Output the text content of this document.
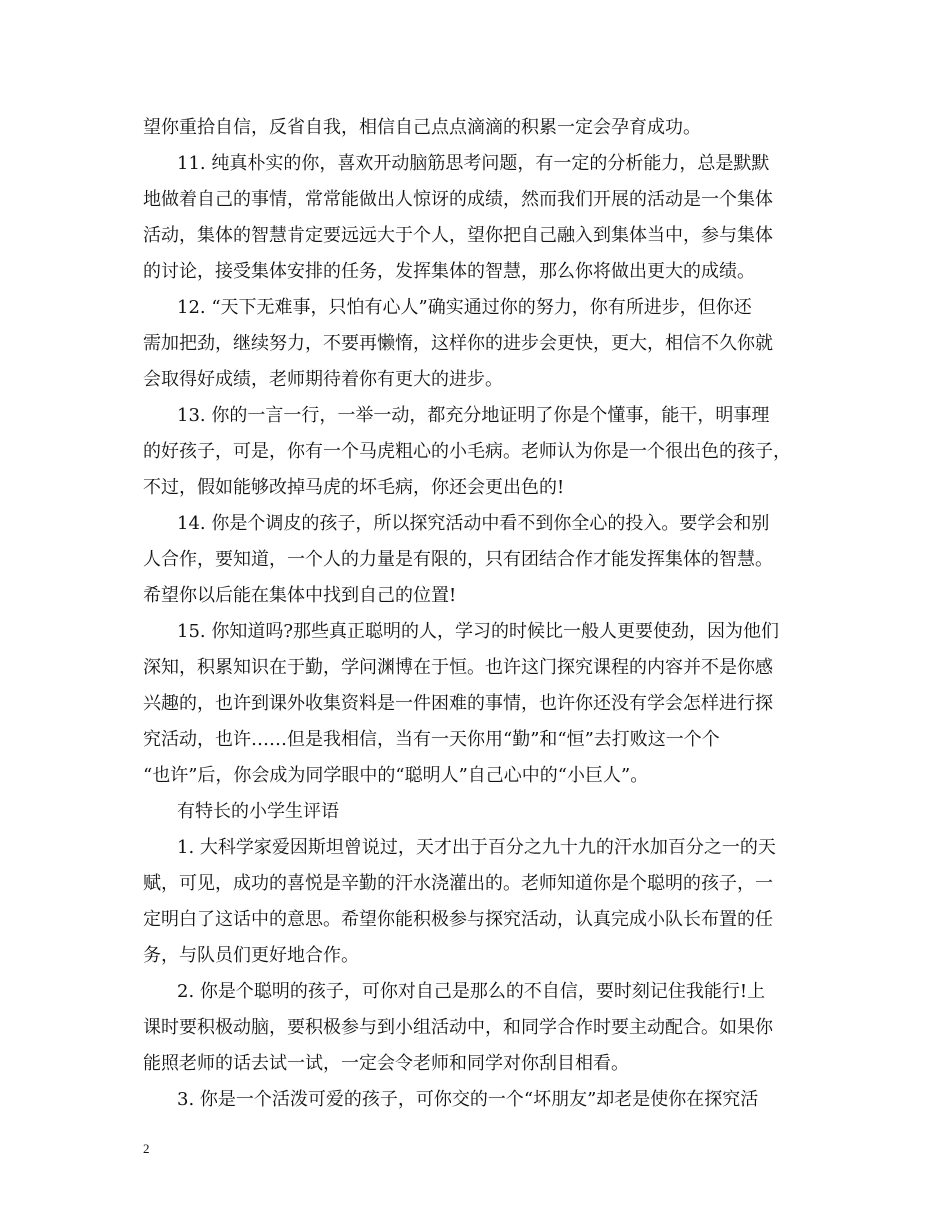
望你重拾自信，反省自我，相信自己点点滴滴的积累一定会孕育成功。
11. 纯真朴实的你，喜欢开动脑筋思考问题，有一定的分析能力，总是默默
地做着自己的事情，常常能做出人惊讶的成绩，然而我们开展的活动是一个集体
活动，集体的智慧肯定要远远大于个人，望你把自己融入到集体当中，参与集体
的讨论，接受集体安排的任务，发挥集体的智慧，那么你将做出更大的成绩。
12. “天下无难事，只怕有心人”确实通过你的努力，你有所进步，但你还
需加把劲，继续努力，不要再懒惰，这样你的进步会更快，更大，相信不久你就
会取得好成绩，老师期待着你有更大的进步。
13. 你的一言一行，一举一动，都充分地证明了你是个懂事，能干，明事理
的好孩子，可是，你有一个马虎粗心的小毛病。老师认为你是一个很出色的孩子，
不过，假如能够改掉马虎的坏毛病，你还会更出色的!
14. 你是个调皮的孩子，所以探究活动中看不到你全心的投入。要学会和别
人合作，要知道，一个人的力量是有限的，只有团结合作才能发挥集体的智慧。
希望你以后能在集体中找到自己的位置!
15. 你知道吗?那些真正聪明的人，学习的时候比一般人更要使劲，因为他们
深知，积累知识在于勤，学问渊博在于恒。也许这门探究课程的内容并不是你感
兴趣的，也许到课外收集资料是一件困难的事情，也许你还没有学会怎样进行探
究活动，也许……但是我相信，当有一天你用“勤”和“恒”去打败这一个个
“也许”后，你会成为同学眼中的“聪明人”自己心中的“小巨人”。
有特长的小学生评语
1. 大科学家爱因斯坦曾说过，天才出于百分之九十九的汗水加百分之一的天
赋，可见，成功的喜悦是辛勤的汗水浇灌出的。老师知道你是个聪明的孩子，一
定明白了这话中的意思。希望你能积极参与探究活动，认真完成小队长布置的任
务，与队员们更好地合作。
2. 你是个聪明的孩子，可你对自己是那么的不自信，要时刻记住我能行!上
课时要积极动脑，要积极参与到小组活动中，和同学合作时要主动配合。如果你
能照老师的话去试一试，一定会令老师和同学对你刮目相看。
3. 你是一个活泼可爱的孩子，可你交的一个“坏朋友”却老是使你在探究活
2
